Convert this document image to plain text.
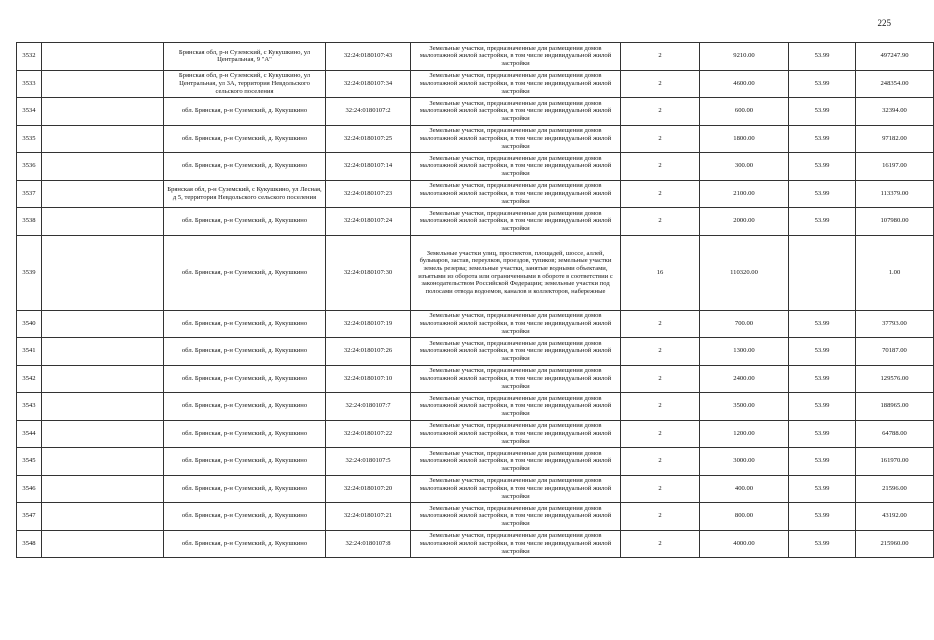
225
3532		Брянская обл, р-н Суземский, с Кукушкино, ул Центральная, 9 "А"	32:24:0180107:43	Земельные участки, предназначенные для размещения домов малоэтажной жилой застройки, в том числе индивидуальной жилой застройки	2	9210.00	53.99	497247.90
3533		Брянская обл, р-н Суземский, с Кукушкино, ул Центральная, ул 3А, территория Невдольского сельского поселения	32:24:0180107:34	Земельные участки, предназначенные для размещения домов малоэтажной жилой застройки, в том числе индивидуальной жилой застройки	2	4600.00	53.99	248354.00
3534		обл. Брянская, р-н Суземский, д. Кукушкино	32:24:0180107:2	Земельные участки, предназначенные для размещения домов малоэтажной жилой застройки, в том числе индивидуальной жилой застройки	2	600.00	53.99	32394.00
3535		обл. Брянская, р-н Суземский, д. Кукушкино	32:24:0180107:25	Земельные участки, предназначенные для размещения домов малоэтажной жилой застройки, в том числе индивидуальной жилой застройки	2	1800.00	53.99	97182.00
3536		обл. Брянская, р-н Суземский, д. Кукушкино	32:24:0180107:14	Земельные участки, предназначенные для размещения домов малоэтажной жилой застройки, в том числе индивидуальной жилой застройки	2	300.00	53.99	16197.00
3537		Брянская обл, р-н Суземский, с Кукушкино, ул Лесная, д 5, территория Невдольского сельского поселения	32:24:0180107:23	Земельные участки, предназначенные для размещения домов малоэтажной жилой застройки, в том числе индивидуальной жилой застройки	2	2100.00	53.99	113379.00
3538		обл. Брянская, р-н Суземский, д. Кукушкино	32:24:0180107:24	Земельные участки, предназначенные для размещения домов малоэтажной жилой застройки, в том числе индивидуальной жилой застройки	2	2000.00	53.99	107980.00
3539		обл. Брянская, р-н Суземский, д. Кукушкино	32:24:0180107:30	Земельные участки улиц, проспектов, площадей, шоссе, аллей, бульваров, застав, переулков, проездов, тупиков; земельные участки земель резерва; земельные участки, занятые водными объектами, изъятыми из оборота или ограниченными в обороте в соответствии с законодательством Российской Федерации; земельные участки под полосами отвода водоемов, каналов и коллекторов, набережные	16	110320.00		1.00
3540		обл. Брянская, р-н Суземский, д. Кукушкино	32:24:0180107:19	Земельные участки, предназначенные для размещения домов малоэтажной жилой застройки, в том числе индивидуальной жилой застройки	2	700.00	53.99	37793.00
3541		обл. Брянская, р-н Суземский, д. Кукушкино	32:24:0180107:26	Земельные участки, предназначенные для размещения домов малоэтажной жилой застройки, в том числе индивидуальной жилой застройки	2	1300.00	53.99	70187.00
3542		обл. Брянская, р-н Суземский, д. Кукушкино	32:24:0180107:10	Земельные участки, предназначенные для размещения домов малоэтажной жилой застройки, в том числе индивидуальной жилой застройки	2	2400.00	53.99	129576.00
3543		обл. Брянская, р-н Суземский, д. Кукушкино	32:24:0180107:7	Земельные участки, предназначенные для размещения домов малоэтажной жилой застройки, в том числе индивидуальной жилой застройки	2	3500.00	53.99	188965.00
3544		обл. Брянская, р-н Суземский, д. Кукушкино	32:24:0180107:22	Земельные участки, предназначенные для размещения домов малоэтажной жилой застройки, в том числе индивидуальной жилой застройки	2	1200.00	53.99	64788.00
3545		обл. Брянская, р-н Суземский, д. Кукушкино	32:24:0180107:5	Земельные участки, предназначенные для размещения домов малоэтажной жилой застройки, в том числе индивидуальной жилой застройки	2	3000.00	53.99	161970.00
3546		обл. Брянская, р-н Суземский, д. Кукушкино	32:24:0180107:20	Земельные участки, предназначенные для размещения домов малоэтажной жилой застройки, в том числе индивидуальной жилой застройки	2	400.00	53.99	21596.00
3547		обл. Брянская, р-н Суземский, д. Кукушкино	32:24:0180107:21	Земельные участки, предназначенные для размещения домов малоэтажной жилой застройки, в том числе индивидуальной жилой застройки	2	800.00	53.99	43192.00
3548		обл. Брянская, р-н Суземский, д. Кукушкино	32:24:0180107:8	Земельные участки, предназначенные для размещения домов малоэтажной жилой застройки, в том числе индивидуальной жилой застройки	2	4000.00	53.99	215960.00
